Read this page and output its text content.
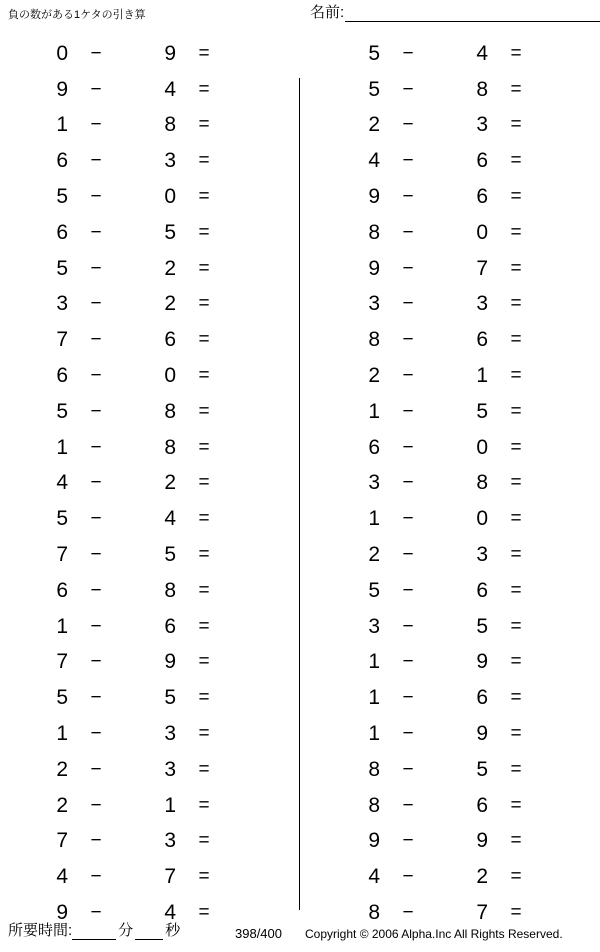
負の数がある1ケタの引き算	名前:
0	−	9	=
9	−	4	=
1	−	8	=
6	−	3	=
5	−	0	=
6	−	5	=
5	−	2	=
3	−	2	=
7	−	6	=
6	−	0	=
5	−	8	=
1	−	8	=
4	−	2	=
5	−	4	=
7	−	5	=
6	−	8	=
1	−	6	=
7	−	9	=
5	−	5	=
1	−	3	=
2	−	3	=
2	−	1	=
7	−	3	=
4	−	7	=
9	−	4	=
5	−	4	=
5	−	8	=
2	−	3	=
4	−	6	=
9	−	6	=
8	−	0	=
9	−	7	=
3	−	3	=
8	−	6	=
2	−	1	=
1	−	5	=
6	−	0	=
3	−	8	=
1	−	0	=
2	−	3	=
5	−	6	=
3	−	5	=
1	−	9	=
1	−	6	=
1	−	9	=
8	−	5	=
8	−	6	=
9	−	9	=
4	−	2	=
8	−	7	=
所要時間:	分 秒	398/400 Copyright © 2006 Alpha.Inc All Rights Reserved.
